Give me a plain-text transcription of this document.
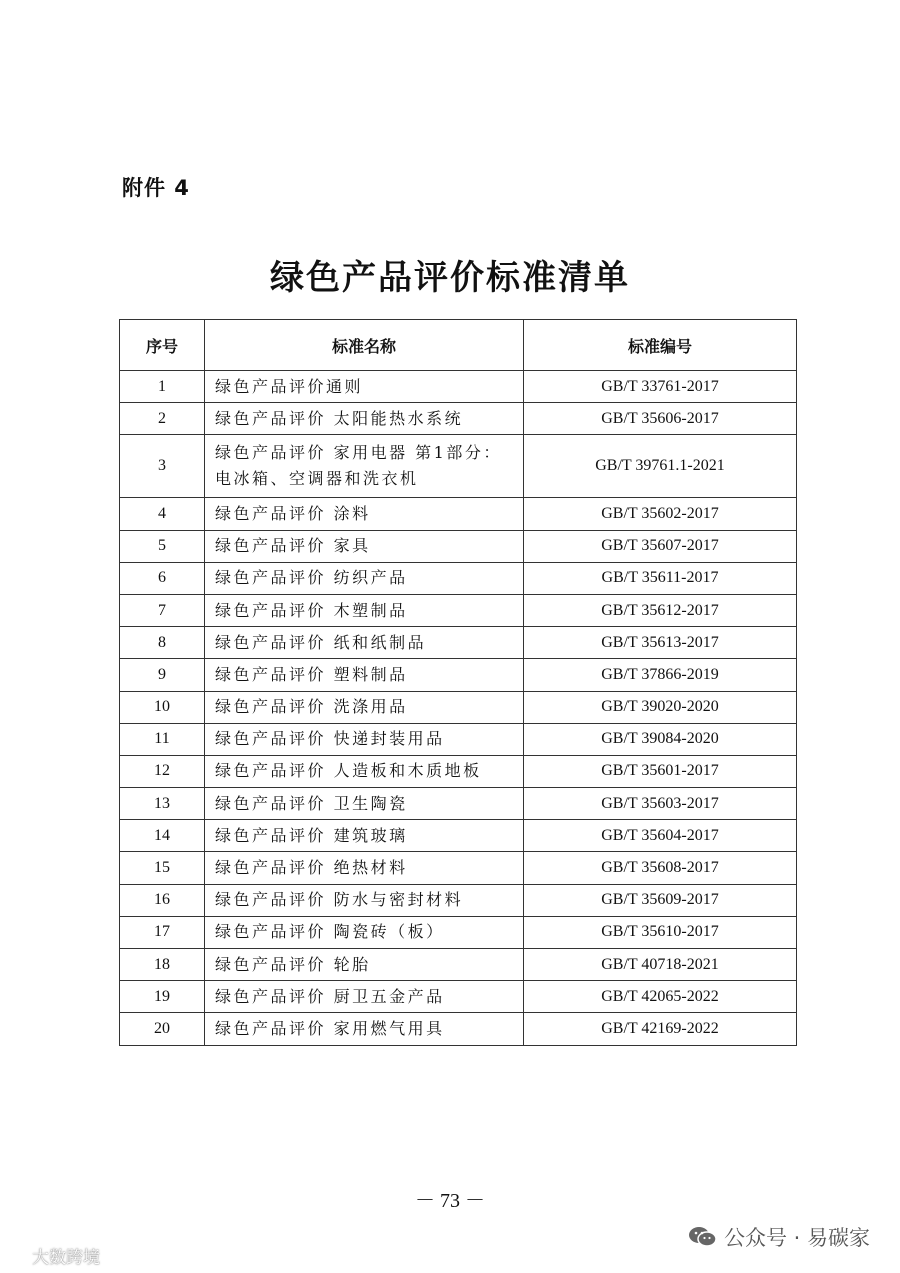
附件 4
绿色产品评价标准清单
序号	标准名称	标准编号
1	绿色产品评价通则	GB/T 33761-2017
2	绿色产品评价 太阳能热水系统	GB/T 35606-2017
3	绿色产品评价 家用电器 第1部分：电冰箱、空调器和洗衣机	GB/T 39761.1-2021
4	绿色产品评价 涂料	GB/T 35602-2017
5	绿色产品评价 家具	GB/T 35607-2017
6	绿色产品评价 纺织产品	GB/T 35611-2017
7	绿色产品评价 木塑制品	GB/T 35612-2017
8	绿色产品评价 纸和纸制品	GB/T 35613-2017
9	绿色产品评价 塑料制品	GB/T 37866-2019
10	绿色产品评价 洗涤用品	GB/T 39020-2020
11	绿色产品评价 快递封装用品	GB/T 39084-2020
12	绿色产品评价 人造板和木质地板	GB/T 35601-2017
13	绿色产品评价 卫生陶瓷	GB/T 35603-2017
14	绿色产品评价 建筑玻璃	GB/T 35604-2017
15	绿色产品评价 绝热材料	GB/T 35608-2017
16	绿色产品评价 防水与密封材料	GB/T 35609-2017
17	绿色产品评价 陶瓷砖（板）	GB/T 35610-2017
18	绿色产品评价 轮胎	GB/T 40718-2021
19	绿色产品评价 厨卫五金产品	GB/T 42065-2022
20	绿色产品评价 家用燃气用具	GB/T 42169-2022
－ 73 －
大数跨境
公众号 · 易碳家
